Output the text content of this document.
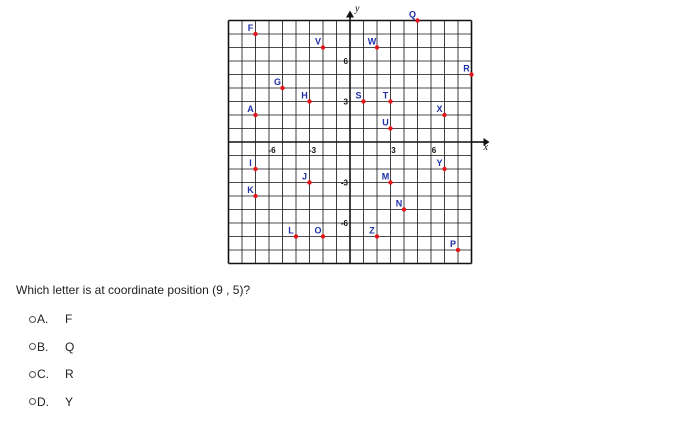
x
y
-6	-3	3	6
6
3
-3
-6
F
V	W
Q
R
G
H	S T
A	X
U
I	Y
J	M
K
N
L O	Z
P
Which letter is at coordinate position (9 , 5)?
A.	F
B.	Q
C.	R
D.	Y
